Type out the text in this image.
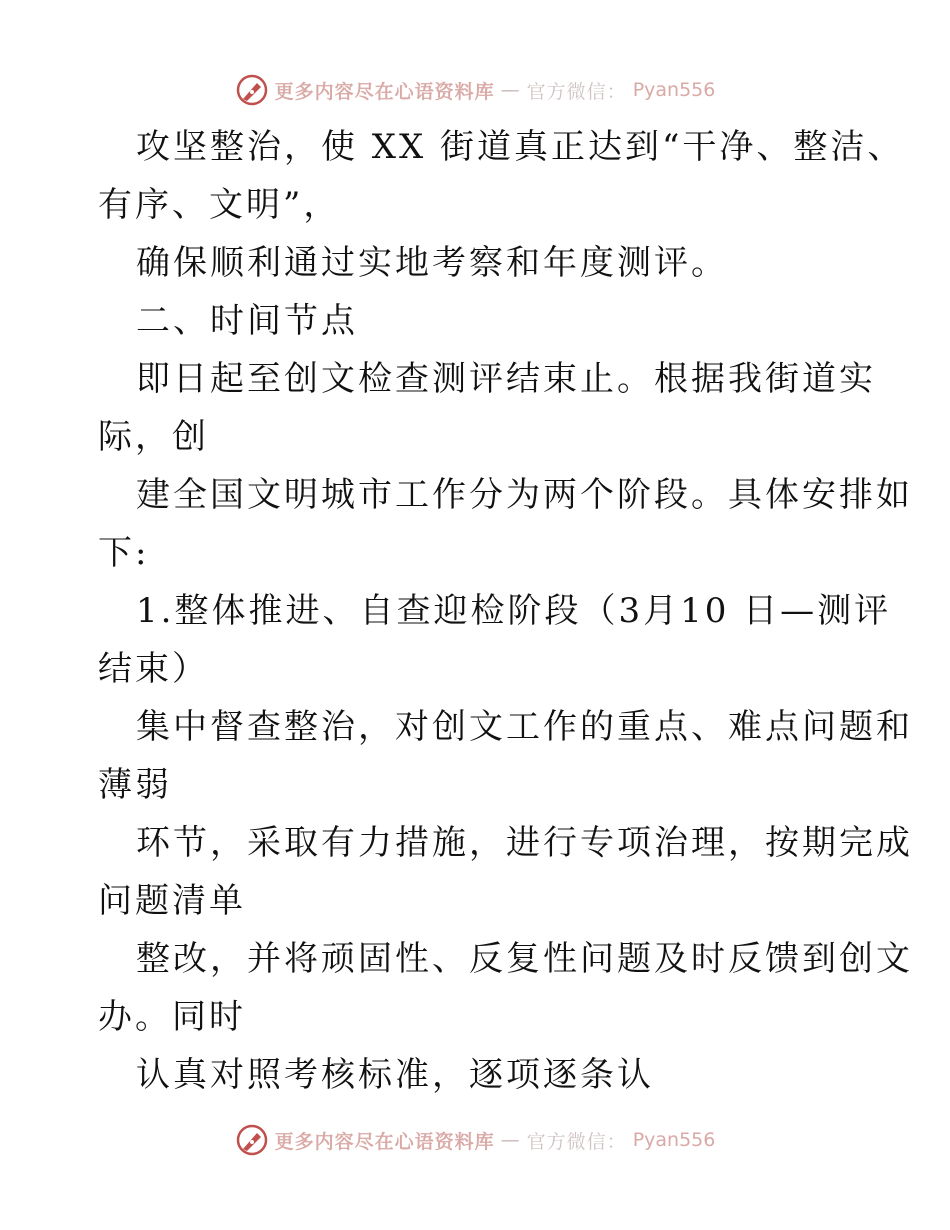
更多内容尽在心语资料库 — 官方微信： Pyan556
攻坚整治，使 XX 街道真正达到“干净、整洁、
有序、文明”，
确保顺利通过实地考察和年度测评。
二、时间节点
即日起至创文检查测评结束止。根据我街道实
际，创
建全国文明城市工作分为两个阶段。具体安排如
下:
1.整体推进、自查迎检阶段（3月10 日—测评
结束）
集中督查整治，对创文工作的重点、难点问题和
薄弱
环节，采取有力措施，进行专项治理，按期完成
问题清单
整改，并将顽固性、反复性问题及时反馈到创文
办。同时
认真对照考核标准，逐项逐条认
更多内容尽在心语资料库 — 官方微信： Pyan556
